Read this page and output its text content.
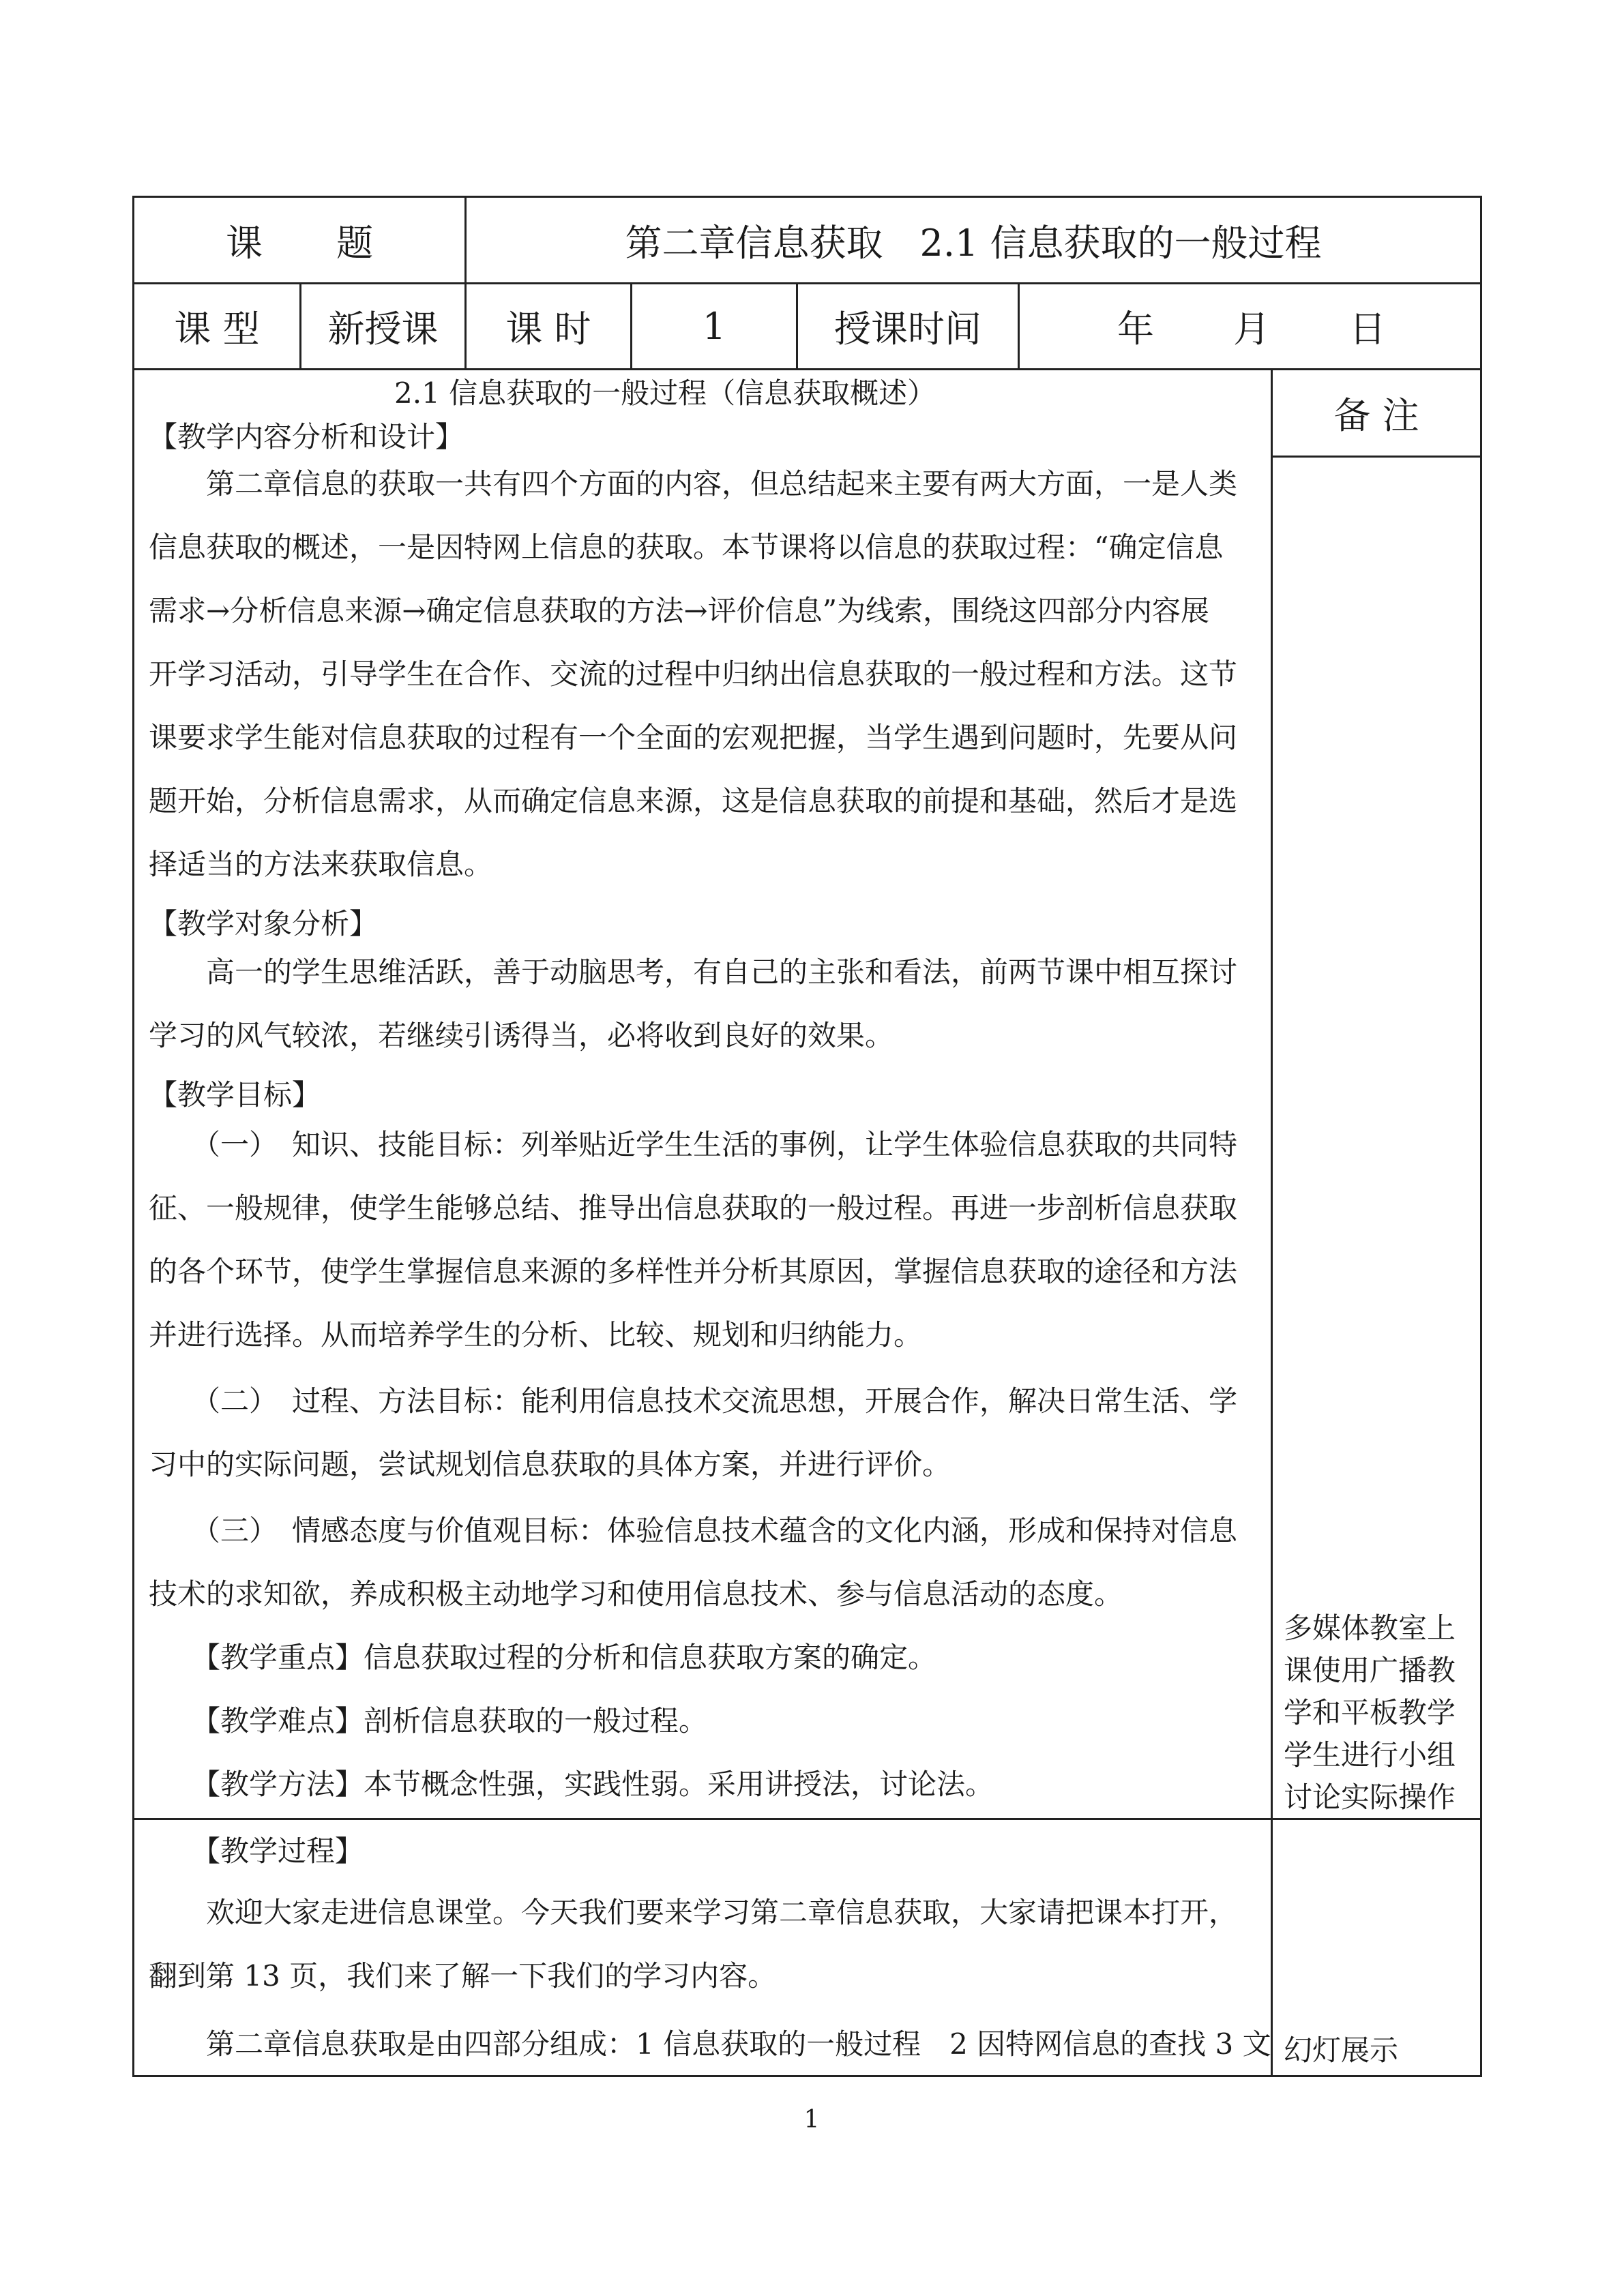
课　　题	第二章信息获取　2.1 信息获取的一般过程
课 型	新授课	课 时	1	授课时间	年	月	日
备 注
2.1 信息获取的一般过程（信息获取概述）
【教学内容分析和设计】
　　第二章信息的获取一共有四个方面的内容，但总结起来主要有两大方面，一是人类
信息获取的概述，一是因特网上信息的获取。本节课将以信息的获取过程：“确定信息
需求→分析信息来源→确定信息获取的方法→评价信息”为线索，围绕这四部分内容展
开学习活动，引导学生在合作、交流的过程中归纳出信息获取的一般过程和方法。这节
课要求学生能对信息获取的过程有一个全面的宏观把握，当学生遇到问题时，先要从问
题开始，分析信息需求，从而确定信息来源，这是信息获取的前提和基础，然后才是选
择适当的方法来获取信息。
【教学对象分析】
　　高一的学生思维活跃，善于动脑思考，有自己的主张和看法，前两节课中相互探讨
学习的风气较浓，若继续引诱得当，必将收到良好的效果。
【教学目标】
　　（一）　知识、技能目标：列举贴近学生生活的事例，让学生体验信息获取的共同特
征、一般规律，使学生能够总结、推导出信息获取的一般过程。再进一步剖析信息获取
的各个环节，使学生掌握信息来源的多样性并分析其原因，掌握信息获取的途径和方法
并进行选择。从而培养学生的分析、比较、规划和归纳能力。
　　（二）　过程、方法目标：能利用信息技术交流思想，开展合作，解决日常生活、学
习中的实际问题，尝试规划信息获取的具体方案，并进行评价。
　　（三）　情感态度与价值观目标：体验信息技术蕴含的文化内涵，形成和保持对信息
技术的求知欲，养成积极主动地学习和使用信息技术、参与信息活动的态度。
　　【教学重点】信息获取过程的分析和信息获取方案的确定。
　　【教学难点】剖析信息获取的一般过程。
　　【教学方法】本节概念性强，实践性弱。采用讲授法，讨论法。
多媒体教室上课使用广播教学和平板教学学生进行小组讨论实际操作
　　【教学过程】
　　欢迎大家走进信息课堂。今天我们要来学习第二章信息获取，大家请把课本打开，
翻到第 13 页，我们来了解一下我们的学习内容。
　　第二章信息获取是由四部分组成：1 信息获取的一般过程　2 因特网信息的查找 3 文 幻灯展示
1
